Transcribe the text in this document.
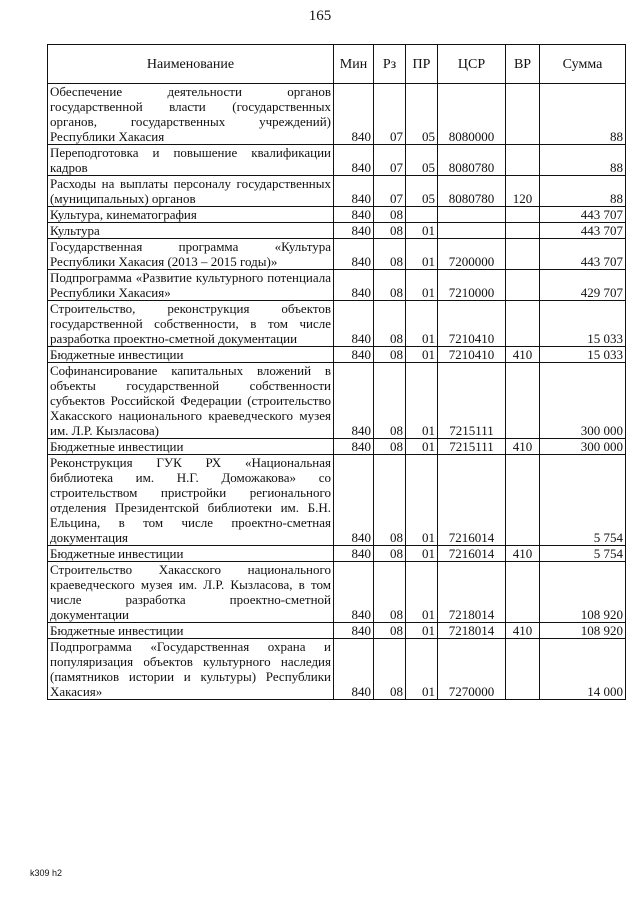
165
Наименование	Мин	Рз	ПР	ЦСР	ВР	Сумма
Обеспечение деятельности органов государственной власти (государственных органов, государственных учреждений) Республики Хакасия	840	07	05	8080000		88
Переподготовка и повышение квалификации кадров	840	07	05	8080780		88
Расходы на выплаты персоналу государственных (муниципальных) органов	840	07	05	8080780	120	88
Культура, кинематография	840	08				443 707
Культура	840	08	01			443 707
Государственная программа «Культура Республики Хакасия (2013 – 2015 годы)»	840	08	01	7200000		443 707
Подпрограмма «Развитие культурного потенциала Республики Хакасия»	840	08	01	7210000		429 707
Строительство, реконструкция объектов государственной собственности, в том числе разработка проектно-сметной документации	840	08	01	7210410		15 033
Бюджетные инвестиции	840	08	01	7210410	410	15 033
Софинансирование капитальных вложений в объекты государственной собственности субъектов Российской Федерации (строительство Хакасского национального краеведческого музея им. Л.Р. Кызласова)	840	08	01	7215111		300 000
Бюджетные инвестиции	840	08	01	7215111	410	300 000
Реконструкция ГУК РХ «Национальная библиотека им. Н.Г. Доможакова» со строительством пристройки регионального отделения Президентской библиотеки им. Б.Н. Ельцина, в том числе проектно-сметная документация	840	08	01	7216014		5 754
Бюджетные инвестиции	840	08	01	7216014	410	5 754
Строительство Хакасского национального краеведческого музея им. Л.Р. Кызласова, в том числе разработка проектно-сметной документации	840	08	01	7218014		108 920
Бюджетные инвестиции	840	08	01	7218014	410	108 920
Подпрограмма «Государственная охрана и популяризация объектов культурного наследия (памятников истории и культуры) Республики Хакасия»	840	08	01	7270000		14 000
k309 h2
